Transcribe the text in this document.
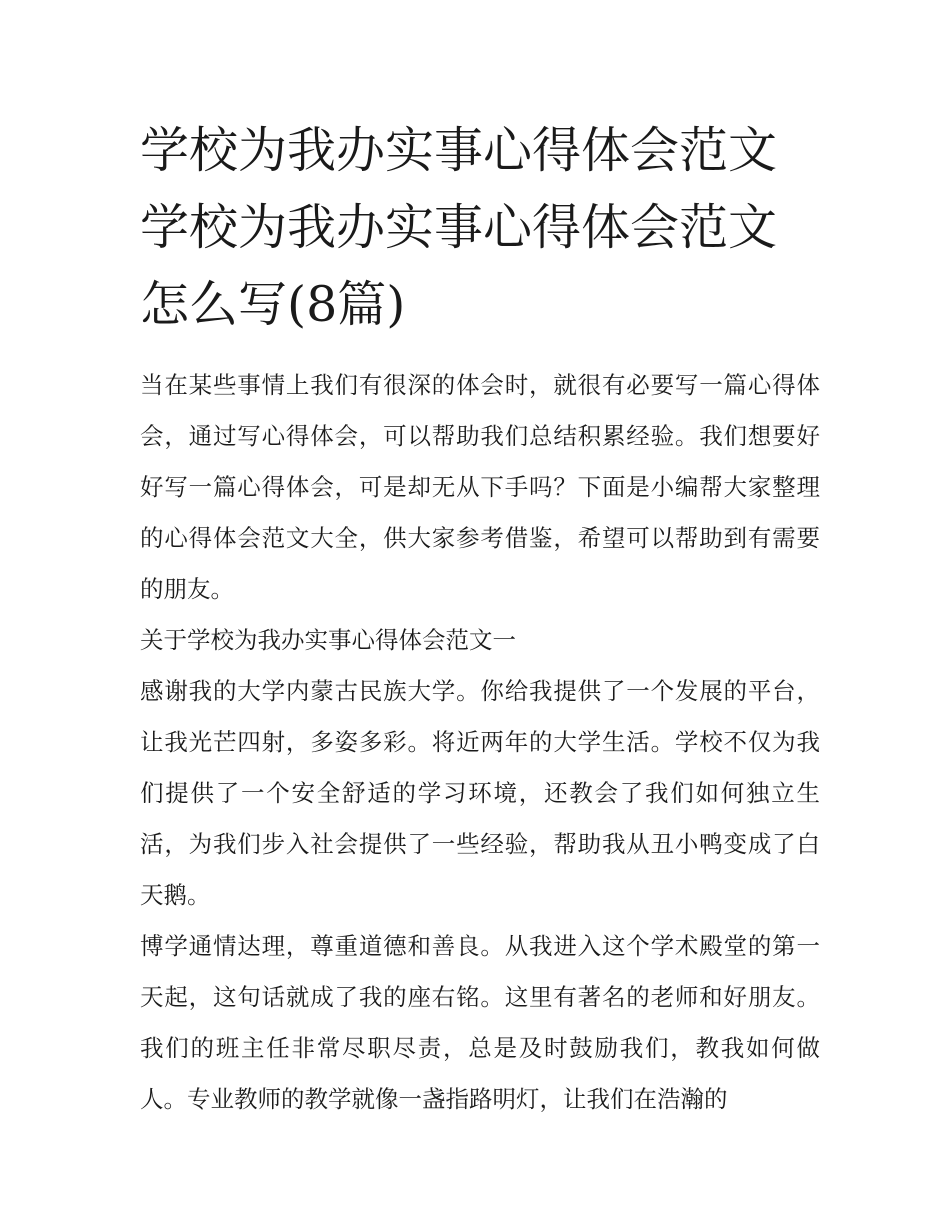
学校为我办实事心得体会范文学校为我办实事心得体会范文怎么写(8篇)

当在某些事情上我们有很深的体会时，就很有必要写一篇心得体会，通过写心得体会，可以帮助我们总结积累经验。我们想要好好写一篇心得体会，可是却无从下手吗？下面是小编帮大家整理的心得体会范文大全，供大家参考借鉴，希望可以帮助到有需要的朋友。

关于学校为我办实事心得体会范文一

感谢我的大学内蒙古民族大学。你给我提供了一个发展的平台，让我光芒四射，多姿多彩。将近两年的大学生活。学校不仅为我们提供了一个安全舒适的学习环境，还教会了我们如何独立生活，为我们步入社会提供了一些经验，帮助我从丑小鸭变成了白天鹅。

博学通情达理，尊重道德和善良。从我进入这个学术殿堂的第一天起，这句话就成了我的座右铭。这里有著名的老师和好朋友。我们的班主任非常尽职尽责，总是及时鼓励我们，教我如何做人。专业教师的教学就像一盏指路明灯，让我们在浩瀚的
